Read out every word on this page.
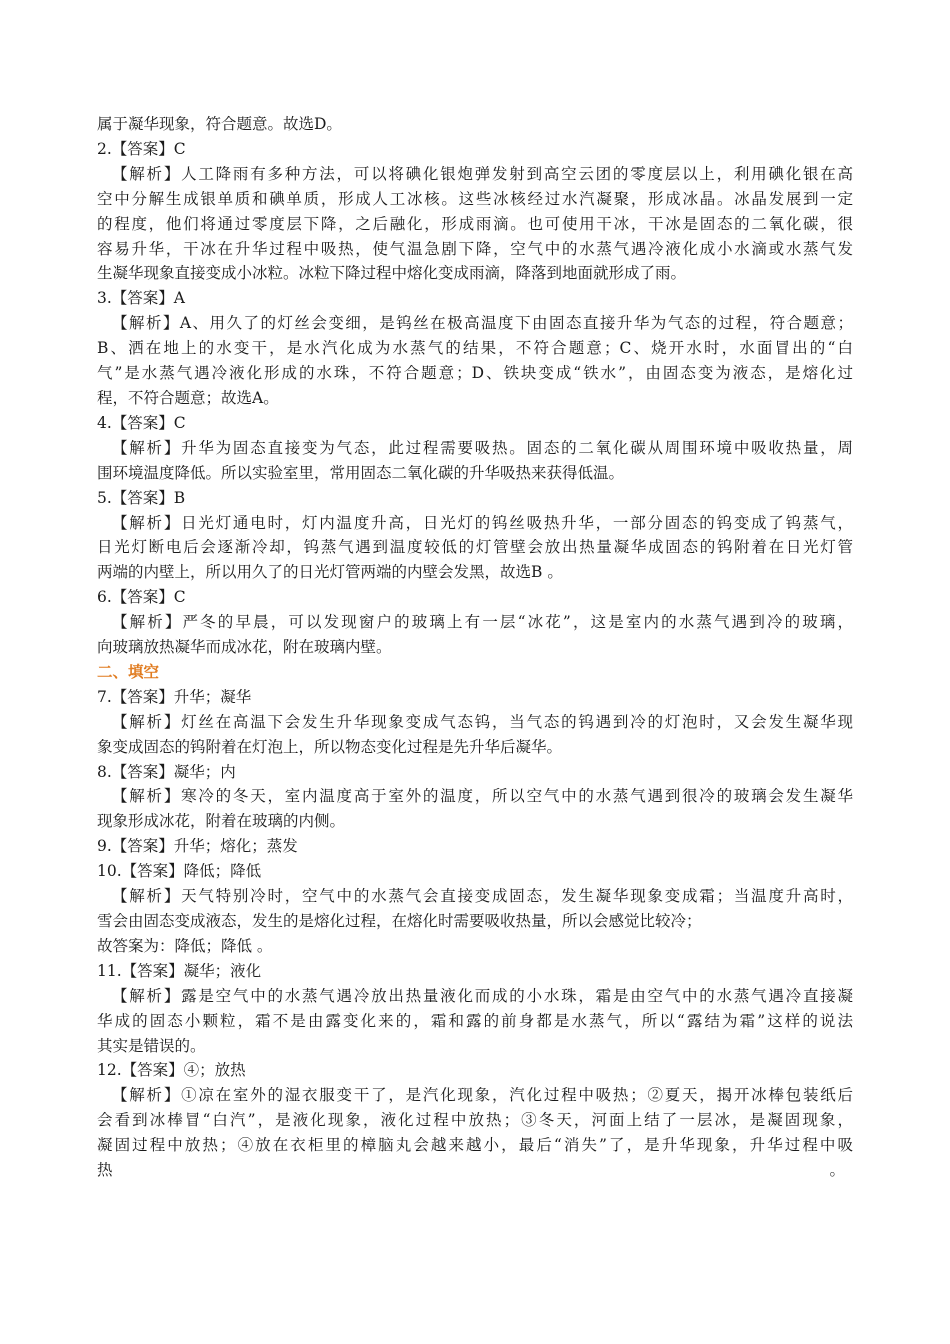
属于凝华现象，符合题意。故选D。
2.【答案】C
【解析】人工降雨有多种方法，可以将碘化银炮弹发射到高空云团的零度层以上，利用碘化银在高
空中分解生成银单质和碘单质，形成人工冰核。这些冰核经过水汽凝聚，形成冰晶。冰晶发展到一定
的程度，他们将通过零度层下降，之后融化，形成雨滴。也可使用干冰，干冰是固态的二氧化碳，很
容易升华，干冰在升华过程中吸热，使气温急剧下降，空气中的水蒸气遇冷液化成小水滴或水蒸气发
生凝华现象直接变成小冰粒。冰粒下降过程中熔化变成雨滴，降落到地面就形成了雨。
3.【答案】A
【解析】A、用久了的灯丝会变细，是钨丝在极高温度下由固态直接升华为气态的过程，符合题意；
B、洒在地上的水变干，是水汽化成为水蒸气的结果，不符合题意；C、烧开水时，水面冒出的“白
气”是水蒸气遇冷液化形成的水珠，不符合题意；D、铁块变成“铁水”，由固态变为液态，是熔化过
程，不符合题意；故选A。
4.【答案】C
【解析】升华为固态直接变为气态，此过程需要吸热。固态的二氧化碳从周围环境中吸收热量，周
围环境温度降低。所以实验室里，常用固态二氧化碳的升华吸热来获得低温。
5.【答案】B
【解析】日光灯通电时，灯内温度升高，日光灯的钨丝吸热升华，一部分固态的钨变成了钨蒸气，
日光灯断电后会逐渐冷却，钨蒸气遇到温度较低的灯管壁会放出热量凝华成固态的钨附着在日光灯管
两端的内壁上，所以用久了的日光灯管两端的内壁会发黑，故选B 。
6.【答案】C
【解析】严冬的早晨，可以发现窗户的玻璃上有一层“冰花”，这是室内的水蒸气遇到冷的玻璃，
向玻璃放热凝华而成冰花，附在玻璃内壁。
二、填空
7.【答案】升华；凝华
【解析】灯丝在高温下会发生升华现象变成气态钨，当气态的钨遇到冷的灯泡时，又会发生凝华现
象变成固态的钨附着在灯泡上，所以物态变化过程是先升华后凝华。
8.【答案】凝华；内
【解析】寒冷的冬天，室内温度高于室外的温度，所以空气中的水蒸气遇到很冷的玻璃会发生凝华
现象形成冰花，附着在玻璃的内侧。
9.【答案】升华；熔化；蒸发
10.【答案】降低；降低
【解析】天气特别冷时，空气中的水蒸气会直接变成固态，发生凝华现象变成霜；当温度升高时，
雪会由固态变成液态，发生的是熔化过程，在熔化时需要吸收热量，所以会感觉比较冷；
故答案为：降低；降低 。
11.【答案】凝华；液化
【解析】露是空气中的水蒸气遇冷放出热量液化而成的小水珠，霜是由空气中的水蒸气遇冷直接凝
华成的固态小颗粒，霜不是由露变化来的，霜和露的前身都是水蒸气，所以“露结为霜”这样的说法
其实是错误的。
12.【答案】④；放热
【解析】①凉在室外的湿衣服变干了，是汽化现象，汽化过程中吸热；②夏天，揭开冰棒包装纸后
会看到冰棒冒“白汽”，是液化现象，液化过程中放热；③冬天，河面上结了一层冰，是凝固现象，
凝固过程中放热；④放在衣柜里的樟脑丸会越来越小，最后“消失”了，是升华现象，升华过程中吸
热	。
